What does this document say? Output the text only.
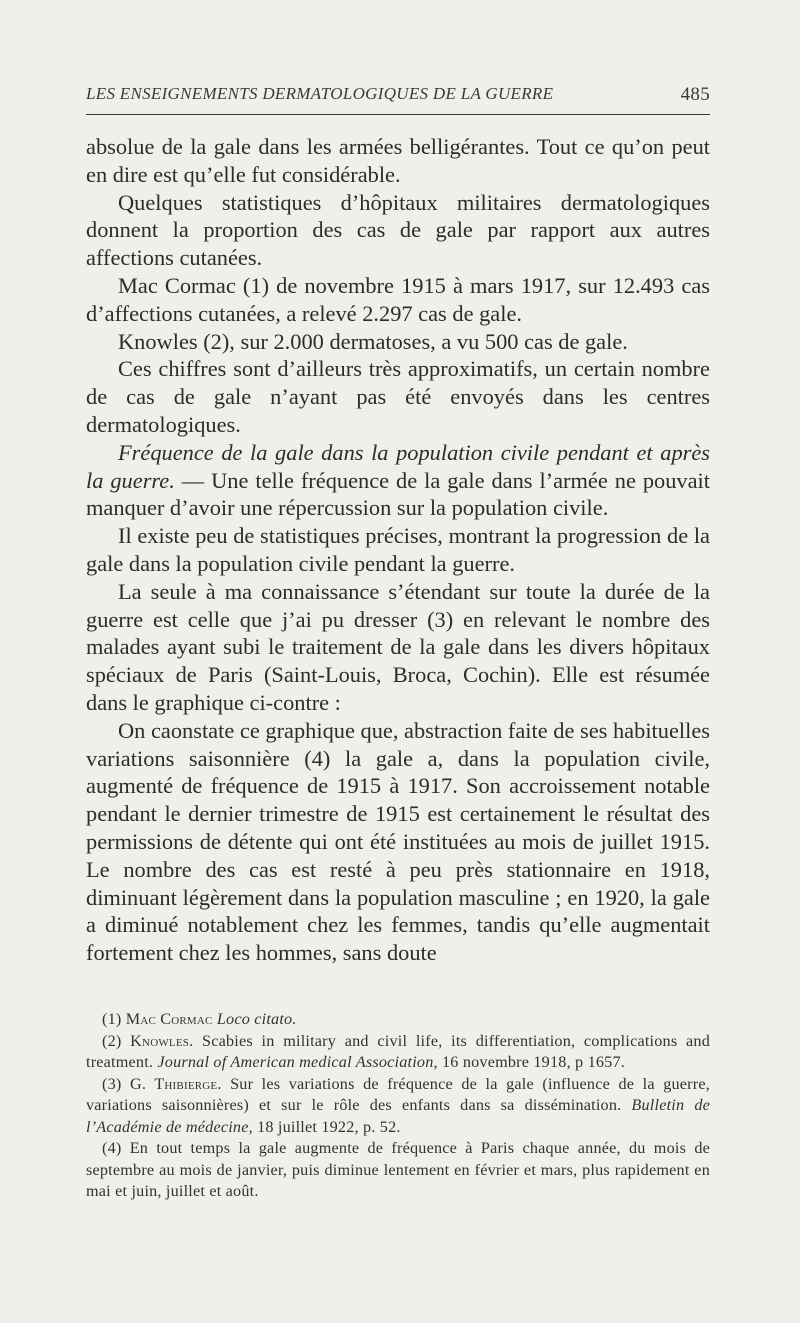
LES ENSEIGNEMENTS DERMATOLOGIQUES DE LA GUERRE	485

absolue de la gale dans les armées belligérantes. Tout ce qu’on peut en dire est qu’elle fut considérable.

Quelques statistiques d’hôpitaux militaires dermatologiques donnent la proportion des cas de gale par rapport aux autres affections cutanées.

Mac Cormac (1) de novembre 1915 à mars 1917, sur 12.493 cas d’affections cutanées, a relevé 2.297 cas de gale.

Knowles (2), sur 2.000 dermatoses, a vu 500 cas de gale.

Ces chiffres sont d’ailleurs très approximatifs, un certain nombre de cas de gale n’ayant pas été envoyés dans les centres dermatologiques.

Fréquence de la gale dans la population civile pendant et après la guerre. — Une telle fréquence de la gale dans l’armée ne pouvait manquer d’avoir une répercussion sur la population civile.

Il existe peu de statistiques précises, montrant la progression de la gale dans la population civile pendant la guerre.

La seule à ma connaissance s’étendant sur toute la durée de la guerre est celle que j’ai pu dresser (3) en relevant le nombre des malades ayant subi le traitement de la gale dans les divers hôpitaux spéciaux de Paris (Saint-Louis, Broca, Cochin). Elle est résumée dans le graphique ci-contre :

On caonstate ce graphique que, abstraction faite de ses habituelles variations saisonnière (4) la gale a, dans la population civile, augmenté de fréquence de 1915 à 1917. Son accroissement notable pendant le dernier trimestre de 1915 est certainement le résultat des permissions de détente qui ont été instituées au mois de juillet 1915. Le nombre des cas est resté à peu près stationnaire en 1918, diminuant légèrement dans la population masculine ; en 1920, la gale a diminué notablement chez les femmes, tandis qu’elle augmentait fortement chez les hommes, sans doute

(1) Mac Cormac Loco citato.

(2) Knowles. Scabies in military and civil life, its differentiation, complications and treatment. Journal of American medical Association, 16 novembre 1918, p 1657.

(3) G. Thibierge. Sur les variations de fréquence de la gale (influence de la guerre, variations saisonnières) et sur le rôle des enfants dans sa dissémination. Bulletin de l’Académie de médecine, 18 juillet 1922, p. 52.

(4) En tout temps la gale augmente de fréquence à Paris chaque année, du mois de septembre au mois de janvier, puis diminue lentement en février et mars, plus rapidement en mai et juin, juillet et août.
